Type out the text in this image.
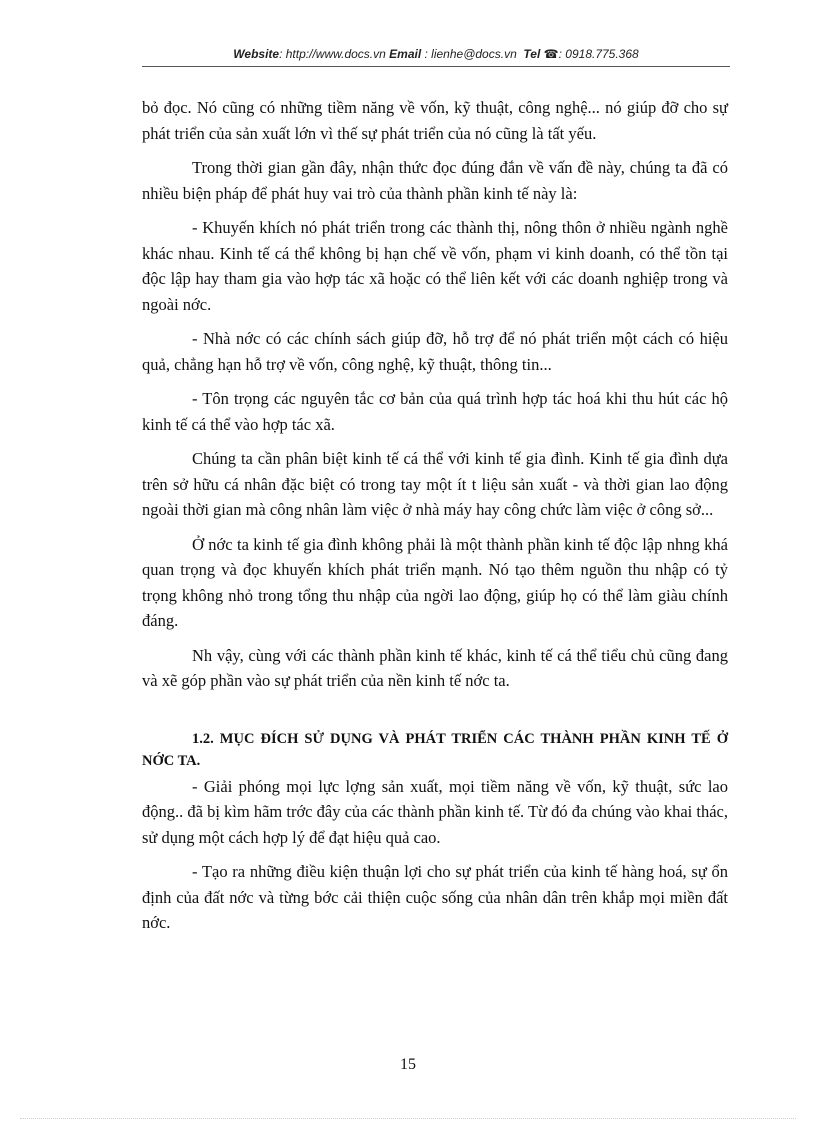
Website: http://www.docs.vn Email : lienhe@docs.vn Tel ☎: 0918.775.368

bỏ đọc. Nó cũng có những tiềm năng về vốn, kỹ thuật, công nghệ... nó giúp đỡ cho sự phát triển của sản xuất lớn vì thế sự phát triển của nó cũng là tất yếu.

Trong thời gian gần đây, nhận thức đọc đúng đắn về vấn đề này, chúng ta đã có nhiều biện pháp để phát huy vai trò của thành phần kinh tế này là:

- Khuyến khích nó phát triển trong các thành thị, nông thôn ở nhiều ngành nghề khác nhau. Kinh tế cá thể không bị hạn chế về vốn, phạm vi kinh doanh, có thể tồn tại độc lập hay tham gia vào hợp tác xã hoặc có thể liên kết với các doanh nghiệp trong và ngoài nớc.

- Nhà nớc có các chính sách giúp đỡ, hỗ trợ để nó phát triển một cách có hiệu quả, chẳng hạn hỗ trợ về vốn, công nghệ, kỹ thuật, thông tin...

- Tôn trọng các nguyên tắc cơ bản của quá trình hợp tác hoá khi thu hút các hộ kinh tế cá thể vào hợp tác xã.

Chúng ta cần phân biệt kinh tế cá thể với kinh tế gia đình. Kinh tế gia đình dựa trên sở hữu cá nhân đặc biệt có trong tay một ít t liệu sản xuất - và thời gian lao động ngoài thời gian mà công nhân làm việc ở nhà máy hay công chức làm việc ở công sở...

Ở nớc ta kinh tế gia đình không phải là một thành phần kinh tế độc lập nhng khá quan trọng và đọc khuyến khích phát triển mạnh. Nó tạo thêm nguồn thu nhập có tỷ trọng không nhỏ trong tổng thu nhập của ngời lao động, giúp họ có thể làm giàu chính đáng.

Nh vậy, cùng với các thành phần kinh tế khác, kinh tế cá thể tiểu chủ cũng đang và xẽ góp phần vào sự phát triển của nền kinh tế nớc ta.

1.2. MỤC ĐÍCH SỬ DỤNG VÀ PHÁT TRIỂN CÁC THÀNH PHẦN KINH TẾ Ở NỚC TA.

- Giải phóng mọi lực lợng sản xuất, mọi tiềm năng về vốn, kỹ thuật, sức lao động.. đã bị kìm hãm trớc đây của các thành phần kinh tế. Từ đó đa chúng vào khai thác, sử dụng một cách hợp lý để đạt hiệu quả cao.

- Tạo ra những điều kiện thuận lợi cho sự phát triển của kinh tế hàng hoá, sự ổn định của đất nớc và từng bớc cải thiện cuộc sống của nhân dân trên khắp mọi miền đất nớc.

15
